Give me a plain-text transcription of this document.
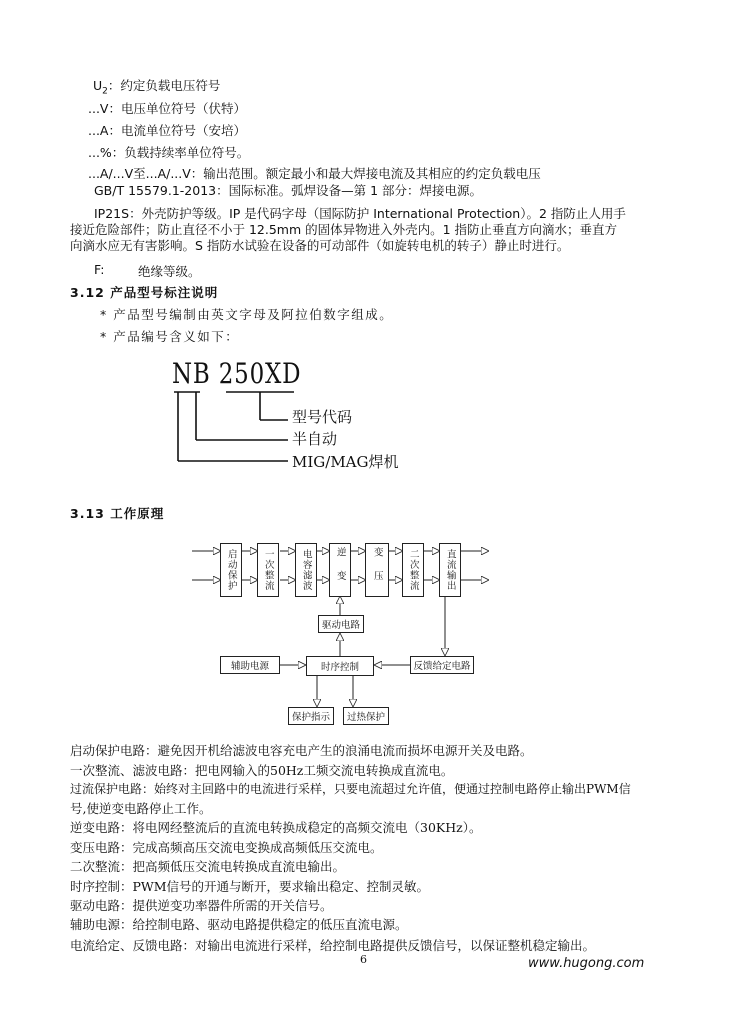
$U_2$：约定负载电压符号
...V：电压单位符号（伏特）
...A：电流单位符号（安培）
...%：负载持续率单位符号。
...A/...V至...A/...V：输出范围。额定最小和最大焊接电流及其相应的约定负载电压
GB/T 15579.1-2013：国际标准。弧焊设备—第 1 部分：焊接电源。
IP21S：外壳防护等级。IP 是代码字母（国际防护 International Protection）。2 指防止人用手
接近危险部件；防止直径不小于 12.5mm 的固体异物进入外壳内。1 指防止垂直方向滴水；垂直方
向滴水应无有害影响。S 指防水试验在设备的可动部件（如旋转电机的转子）静止时进行。
F:	绝缘等级。
3.12 产品型号标注说明
* 产品型号编制由英文字母及阿拉伯数字组成。
* 产品编号含义如下：
NB 250XD
型号代码
半自动
MIG/MAG焊机
3.13 工作原理
启动保护	一次整流	电容滤波 逆变	变压	二次整流	直流输出
驱动电路
辅助电源	时序控制	反馈给定电路
保护指示	过热保护
启动保护电路：避免因开机给滤波电容充电产生的浪涌电流而损坏电源开关及电路。
一次整流、滤波电路：把电网输入的50Hz工频交流电转换成直流电。
过流保护电路：始终对主回路中的电流进行采样，只要电流超过允许值，便通过控制电路停止输出PWM信
号,使逆变电路停止工作。
逆变电路：将电网经整流后的直流电转换成稳定的高频交流电（30KHz）。
变压电路：完成高频高压交流电变换成高频低压交流电。
二次整流：把高频低压交流电转换成直流电输出。
时序控制：PWM信号的开通与断开，要求输出稳定、控制灵敏。
驱动电路：提供逆变功率器件所需的开关信号。
辅助电源：给控制电路、驱动电路提供稳定的低压直流电源。
电流给定、反馈电路：对输出电流进行采样，给控制电路提供反馈信号，以保证整机稳定输出。
6	www.hugong.com
